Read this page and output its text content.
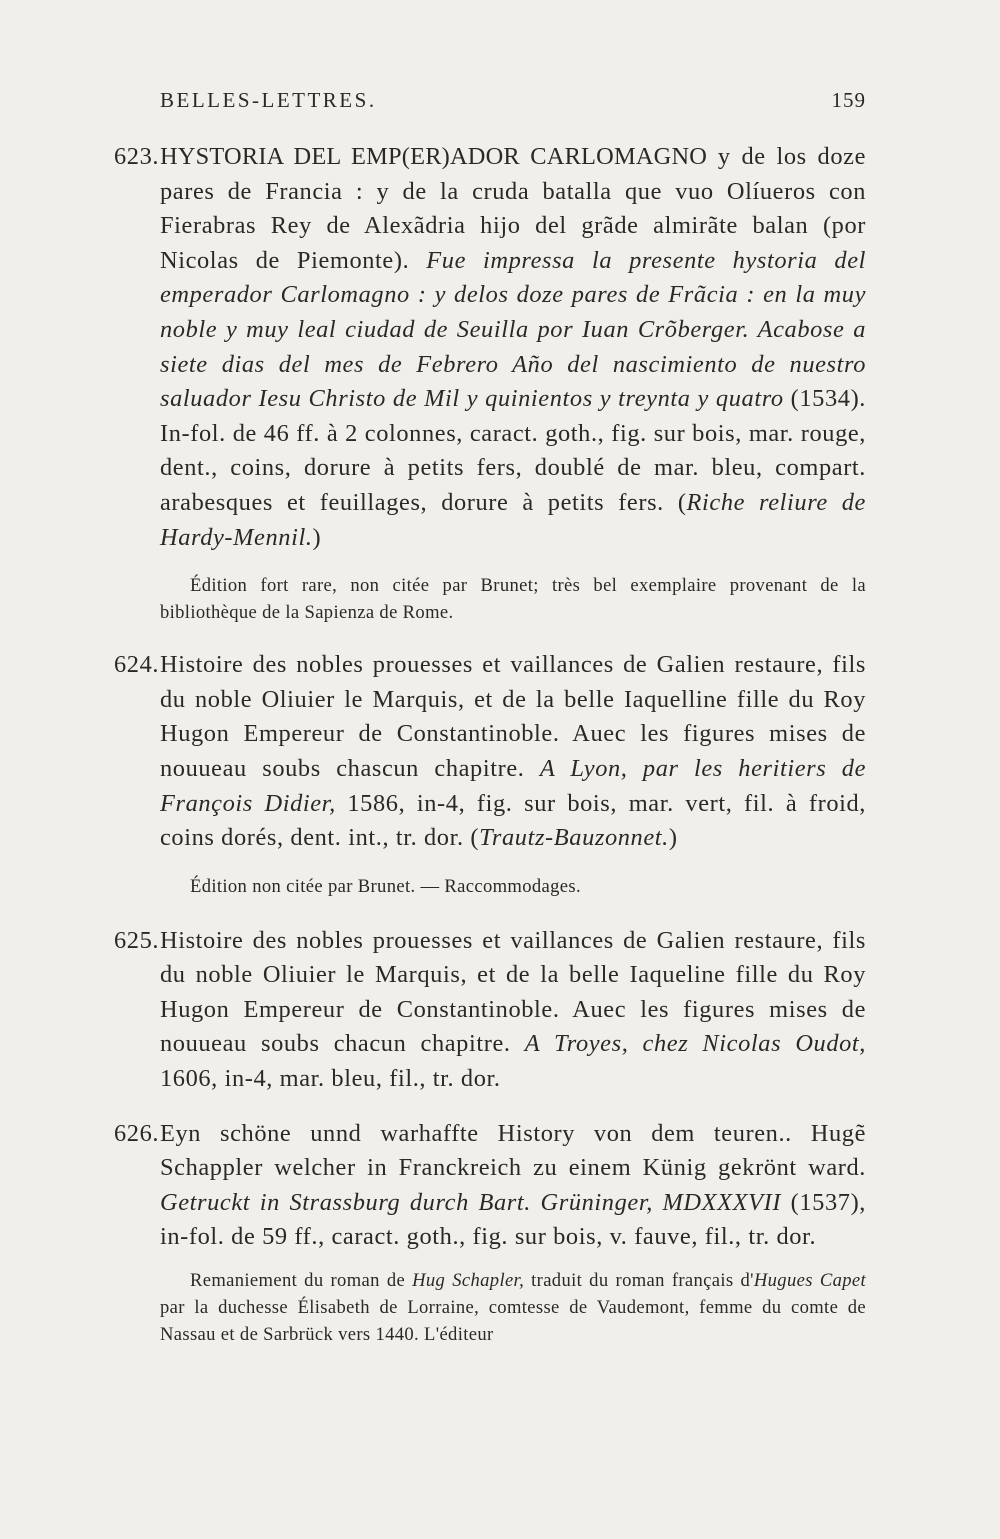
BELLES-LETTRES.	159
623. HYSTORIA DEL EMP(ER)ADOR CARLOMAGNO y de los doze pares de Francia : y de la cruda batalla que vuo Olíueros con Fierabras Rey de Alexãdria hijo del grãde almirãte balan (por Nicolas de Piemonte). Fue impressa la presente hystoria del emperador Carlomagno : y delos doze pares de Frãcia : en la muy noble y muy leal ciudad de Seuilla por Iuan Crõberger. Acabose a siete dias del mes de Febrero Año del nascimiento de nuestro saluador Iesu Christo de Mil y quinientos y treynta y quatro (1534). In-fol. de 46 ff. à 2 colonnes, caract. goth., fig. sur bois, mar. rouge, dent., coins, dorure à petits fers, doublé de mar. bleu, compart. arabesques et feuillages, dorure à petits fers. (Riche reliure de Hardy-Mennil.)
Édition fort rare, non citée par Brunet; très bel exemplaire provenant de la bibliothèque de la Sapienza de Rome.
624. Histoire des nobles prouesses et vaillances de Galien restaure, fils du noble Oliuier le Marquis, et de la belle Iaquelline fille du Roy Hugon Empereur de Constantinoble. Auec les figures mises de nouueau soubs chascun chapitre. A Lyon, par les heritiers de François Didier, 1586, in-4, fig. sur bois, mar. vert, fil. à froid, coins dorés, dent. int., tr. dor. (Trautz-Bauzonnet.)
Édition non citée par Brunet. — Raccommodages.
625. Histoire des nobles prouesses et vaillances de Galien restaure, fils du noble Oliuier le Marquis, et de la belle Iaqueline fille du Roy Hugon Empereur de Constantinoble. Auec les figures mises de nouueau soubs chacun chapitre. A Troyes, chez Nicolas Oudot, 1606, in-4, mar. bleu, fil., tr. dor.
626. Eyn schöne unnd warhaffte History von dem teuren.. Hugẽ Schappler welcher in Franckreich zu einem Künig gekrönt ward. Getruckt in Strassburg durch Bart. Grüninger, MDXXXVII (1537), in-fol. de 59 ff., caract. goth., fig. sur bois, v. fauve, fil., tr. dor.
Remaniement du roman de Hug Schapler, traduit du roman français d'Hugues Capet par la duchesse Élisabeth de Lorraine, comtesse de Vaudemont, femme du comte de Nassau et de Sarbrück vers 1440. L'éditeur
